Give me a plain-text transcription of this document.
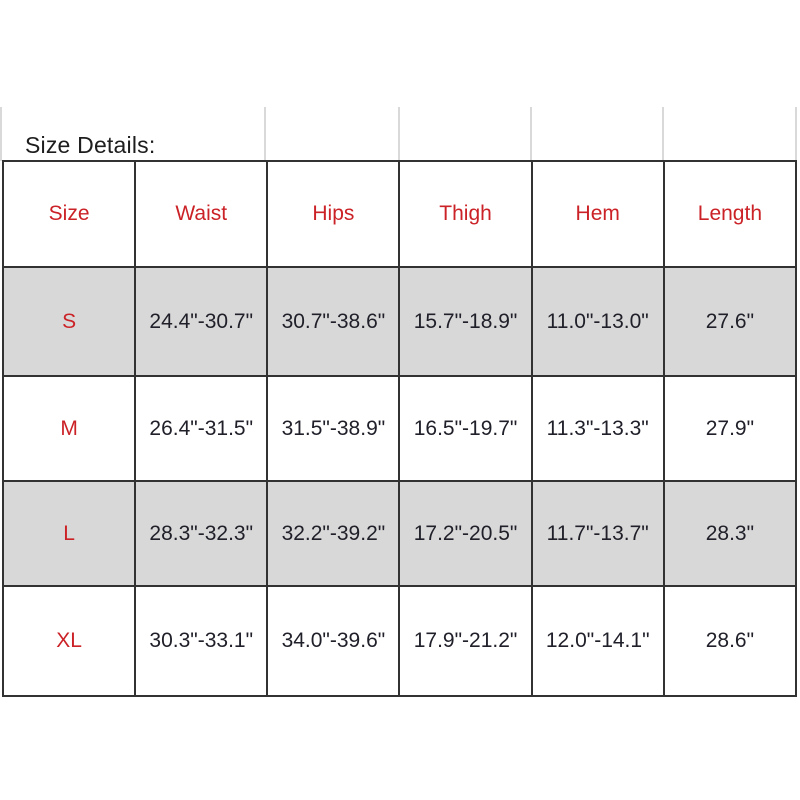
Size Details:
Size	Waist	Hips	Thigh	Hem	Length
S	24.4"-30.7"	30.7"-38.6"	15.7"-18.9"	11.0"-13.0"	27.6"
M	26.4"-31.5"	31.5"-38.9"	16.5"-19.7"	11.3"-13.3"	27.9"
L	28.3"-32.3"	32.2"-39.2"	17.2"-20.5"	11.7"-13.7"	28.3"
XL	30.3"-33.1"	34.0"-39.6"	17.9"-21.2"	12.0"-14.1"	28.6"
